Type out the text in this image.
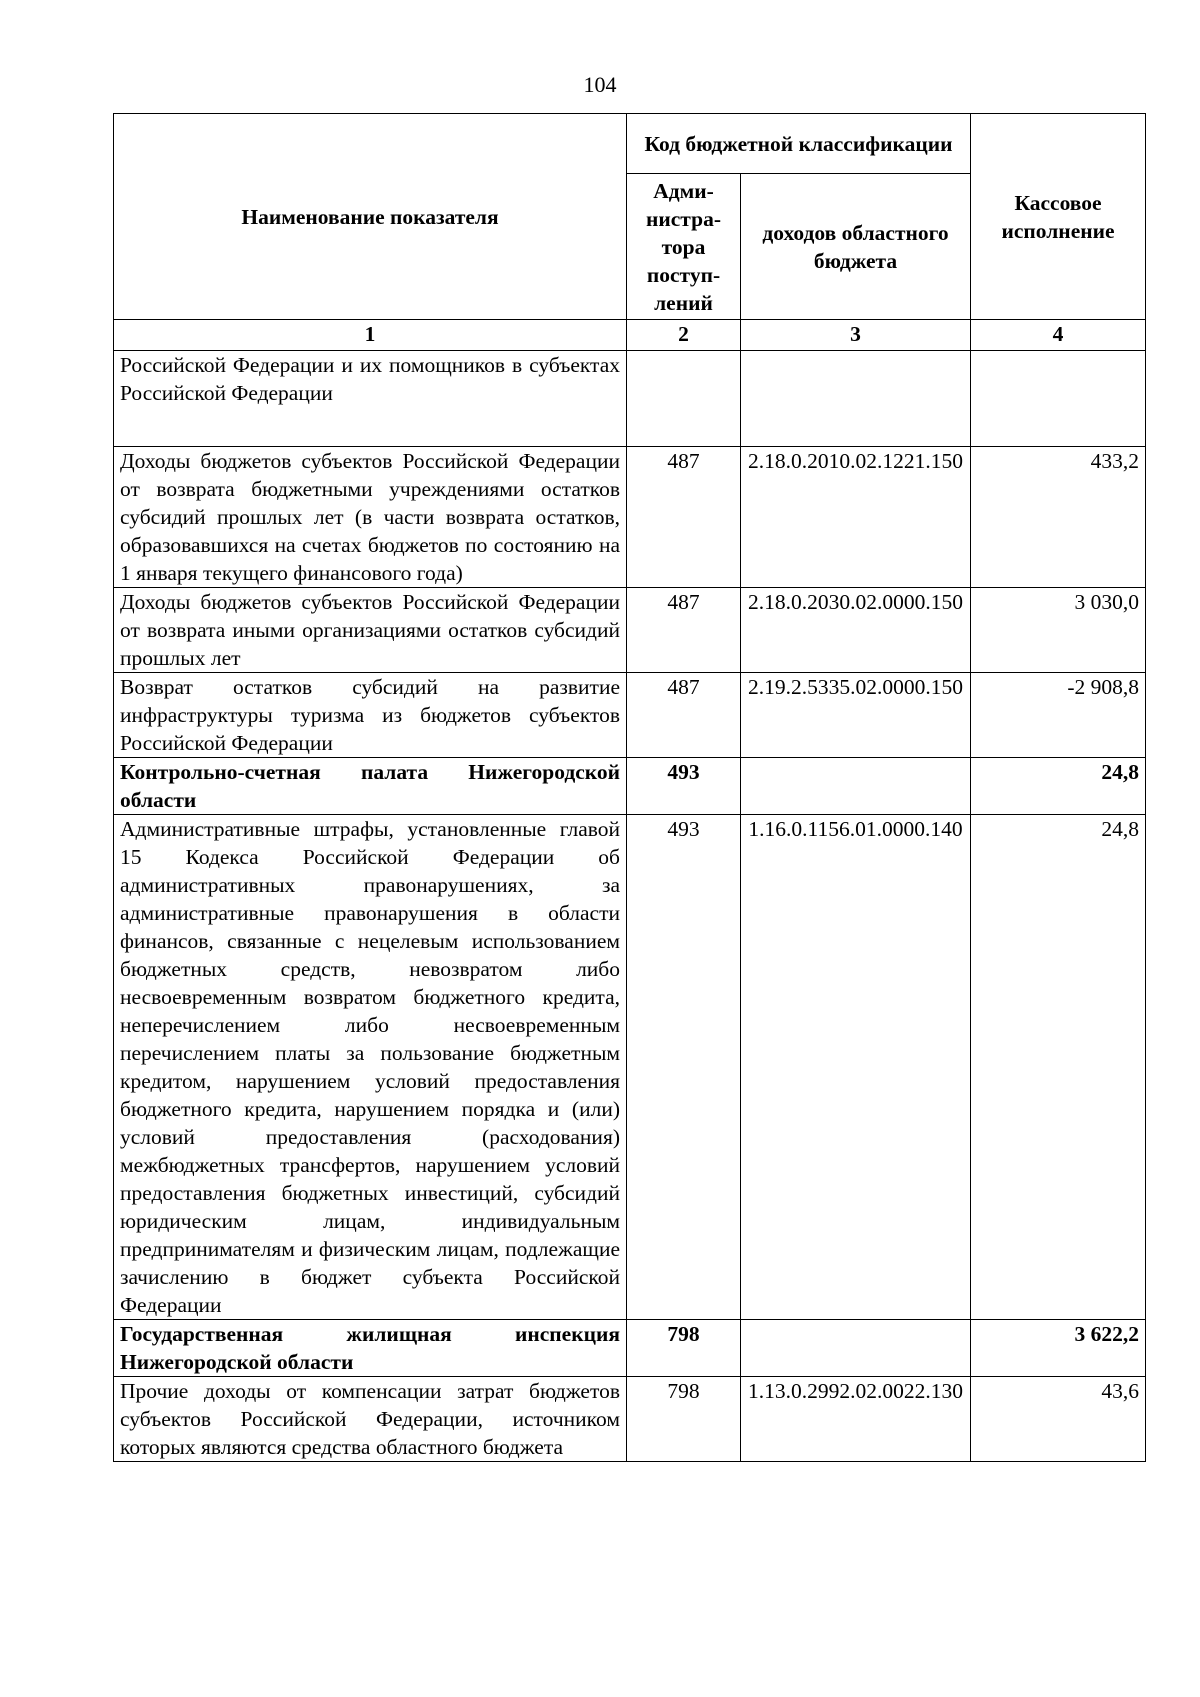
104
Наименование показателя	Код бюджетной классификации		Кассовое исполнение
	Адми-нистра-тора поступ-лений	доходов областного бюджета	
1	2	3	4
Российской Федерации и их помощников в субъектах Российской Федерации			
Доходы бюджетов субъектов Российской Федерации от возврата бюджетными учреждениями остатков субсидий прошлых лет (в части возврата остатков, образовавшихся на счетах бюджетов по состоянию на 1 января текущего финансового года)	487	2.18.0.2010.02.1221.150	433,2
Доходы бюджетов субъектов Российской Федерации от возврата иными организациями остатков субсидий прошлых лет	487	2.18.0.2030.02.0000.150	3 030,0
Возврат остатков субсидий на развитие инфраструктуры туризма из бюджетов субъектов Российской Федерации	487	2.19.2.5335.02.0000.150	-2 908,8
Контрольно-счетная палата Нижегородской области	493		24,8
Административные штрафы, установленные главой 15 Кодекса Российской Федерации об административных правонарушениях, за административные правонарушения в области финансов, связанные с нецелевым использованием бюджетных средств, невозвратом либо несвоевременным возвратом бюджетного кредита, неперечислением либо несвоевременным перечислением платы за пользование бюджетным кредитом, нарушением условий предоставления бюджетного кредита, нарушением порядка и (или) условий предоставления (расходования) межбюджетных трансфертов, нарушением условий предоставления бюджетных инвестиций, субсидий юридическим лицам, индивидуальным предпринимателям и физическим лицам, подлежащие зачислению в бюджет субъекта Российской Федерации	493	1.16.0.1156.01.0000.140	24,8
Государственная жилищная инспекция Нижегородской области	798		3 622,2
Прочие доходы от компенсации затрат бюджетов субъектов Российской Федерации, источником которых являются средства областного бюджета	798	1.13.0.2992.02.0022.130	43,6
